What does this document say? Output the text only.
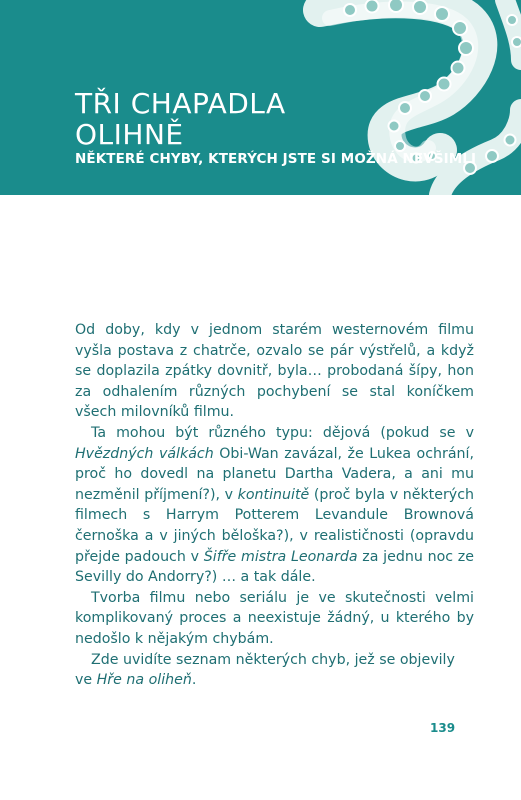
TŘI CHAPADLA
OLIHNĚ
NĚKTERÉ CHYBY, KTERÝCH JSTE SI MOŽNÁ NEVŠIMLI

Od doby, kdy v jednom starém westernovém filmu vyšla postava z chatrče, ozvalo se pár výstřelů, a když se doplazila zpátky dovnitř, byla… probodaná šípy, hon za odhalením různých pochybení se stal koníčkem všech milovníků filmu.

Ta mohou být různého typu: dějová (pokud se v Hvězdných válkách Obi-Wan zavázal, že Lukea ochrání, proč ho dovedl na planetu Dartha Vadera, a ani mu nezměnil příjmení?), v kontinuitě (proč byla v některých filmech s Harrym Potterem Levandule Brownová černoška a v jiných běloška?), v realističnosti (opravdu přejde padouch v Šifře mistra Leonarda za jednu noc ze Sevilly do Andorry?) … a tak dále.

Tvorba filmu nebo seriálu je ve skutečnosti velmi komplikovaný proces a neexistuje žádný, u kterého by nedošlo k nějakým chybám.

Zde uvidíte seznam některých chyb, jež se objevily ve Hře na oliheň.

139
